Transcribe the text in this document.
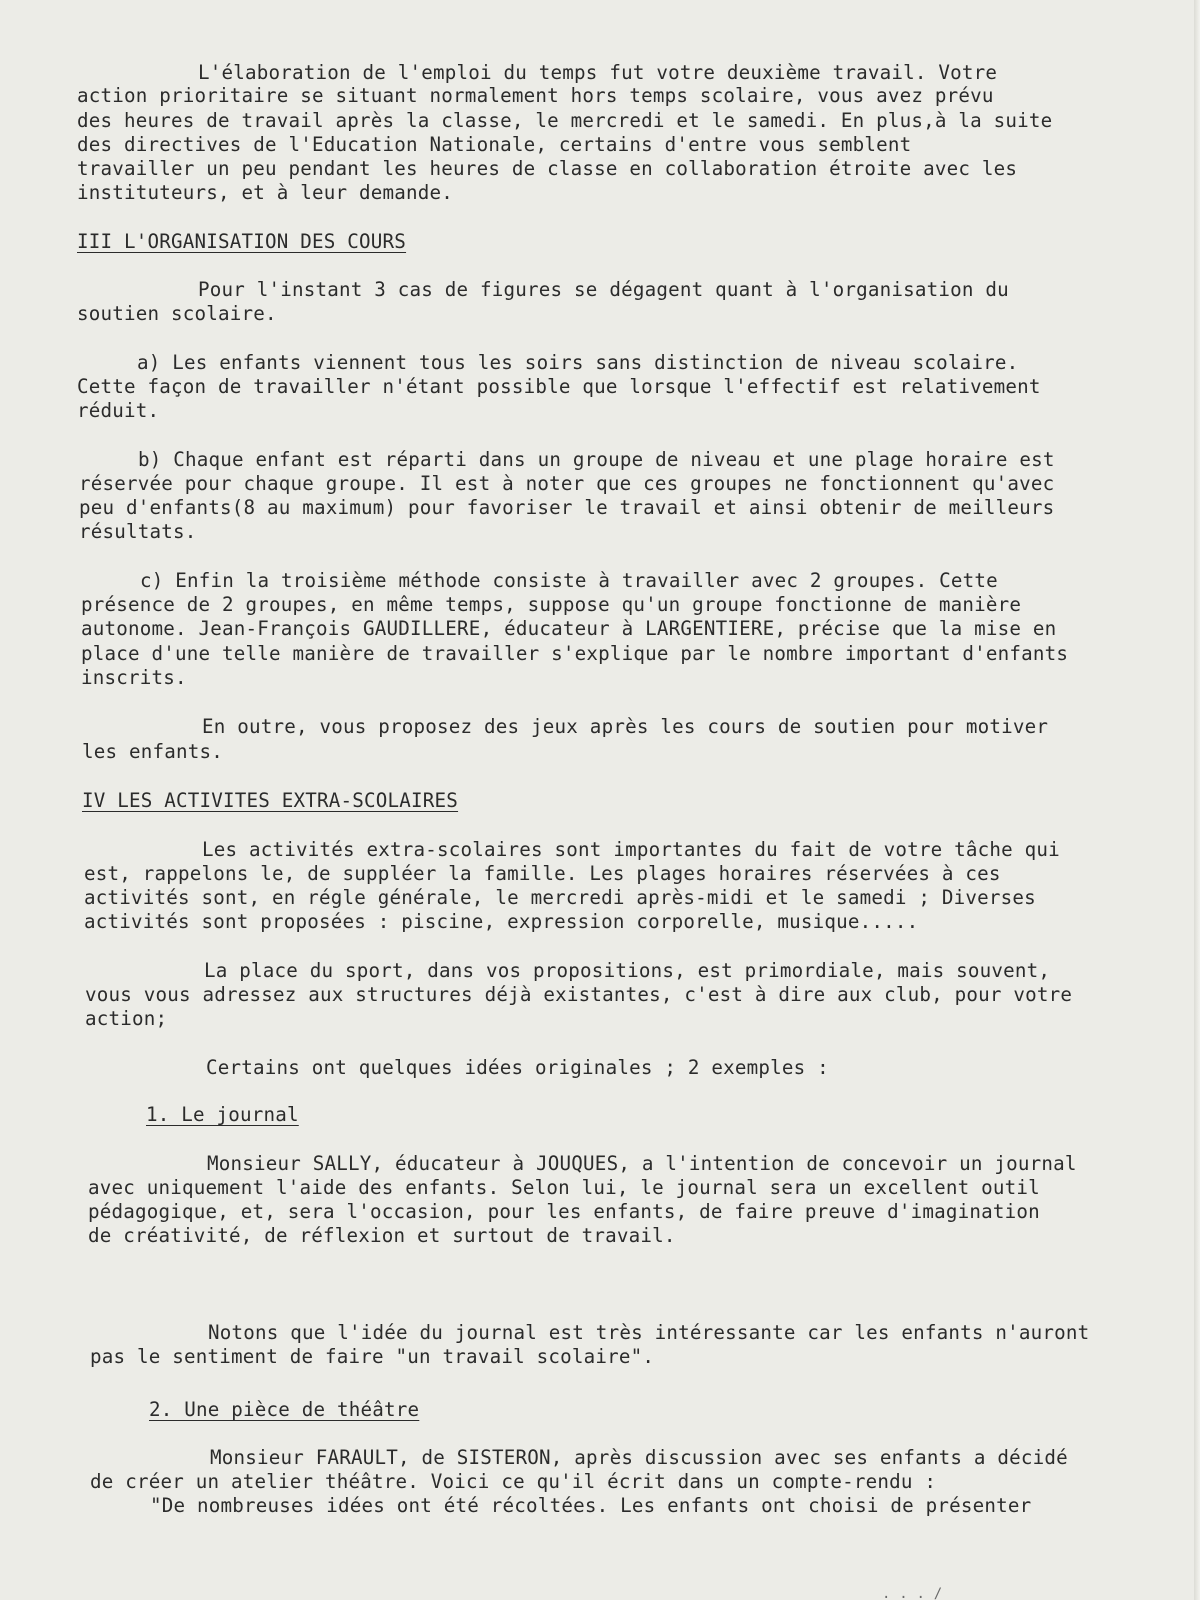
L'élaboration de l'emploi du temps fut votre deuxième travail. Votre

action prioritaire se situant normalement hors temps scolaire, vous avez prévu

des heures de travail après la classe, le mercredi et le samedi. En plus,à la suite

des directives de l'Education Nationale, certains d'entre vous semblent

travailler un peu pendant les heures de classe en collaboration étroite avec les

instituteurs, et à leur demande.

III L'ORGANISATION DES COURS

Pour l'instant 3 cas de figures se dégagent quant à l'organisation du

soutien scolaire.

a) Les enfants viennent tous les soirs sans distinction de niveau scolaire.

Cette façon de travailler n'étant possible que lorsque l'effectif est relativement

réduit.

b) Chaque enfant est réparti dans un groupe de niveau et une plage horaire est

réservée pour chaque groupe. Il est à noter que ces groupes ne fonctionnent qu'avec

peu d'enfants(8 au maximum) pour favoriser le travail et ainsi obtenir de meilleurs

résultats.

c) Enfin la troisième méthode consiste à travailler avec 2 groupes. Cette

présence de 2 groupes, en même temps, suppose qu'un groupe fonctionne de manière

autonome. Jean-François GAUDILLERE, éducateur à LARGENTIERE, précise que la mise en

place d'une telle manière de travailler s'explique par le nombre important d'enfants

inscrits.

En outre, vous proposez des jeux après les cours de soutien pour motiver

les enfants.

IV LES ACTIVITES EXTRA-SCOLAIRES

Les activités extra-scolaires sont importantes du fait de votre tâche qui

est, rappelons le, de suppléer la famille. Les plages horaires réservées à ces

activités sont, en régle générale, le mercredi après-midi et le samedi ; Diverses

activités sont proposées : piscine, expression corporelle, musique.....

La place du sport, dans vos propositions, est primordiale, mais souvent,

vous vous adressez aux structures déjà existantes, c'est à dire aux club, pour votre

action;

Certains ont quelques idées originales ; 2 exemples :

1. Le journal

Monsieur SALLY, éducateur à JOUQUES, a l'intention de concevoir un journal

avec uniquement l'aide des enfants. Selon lui, le journal sera un excellent outil

pédagogique, et, sera l'occasion, pour les enfants, de faire preuve d'imagination

de créativité, de réflexion et surtout de travail.

Notons que l'idée du journal est très intéressante car les enfants n'auront

pas le sentiment de faire "un travail scolaire".

2. Une pièce de théâtre

Monsieur FARAULT, de SISTERON, après discussion avec ses enfants a décidé

de créer un atelier théâtre. Voici ce qu'il écrit dans un compte-rendu :

"De nombreuses idées ont été récoltées. Les enfants ont choisi de présenter

. . . /
